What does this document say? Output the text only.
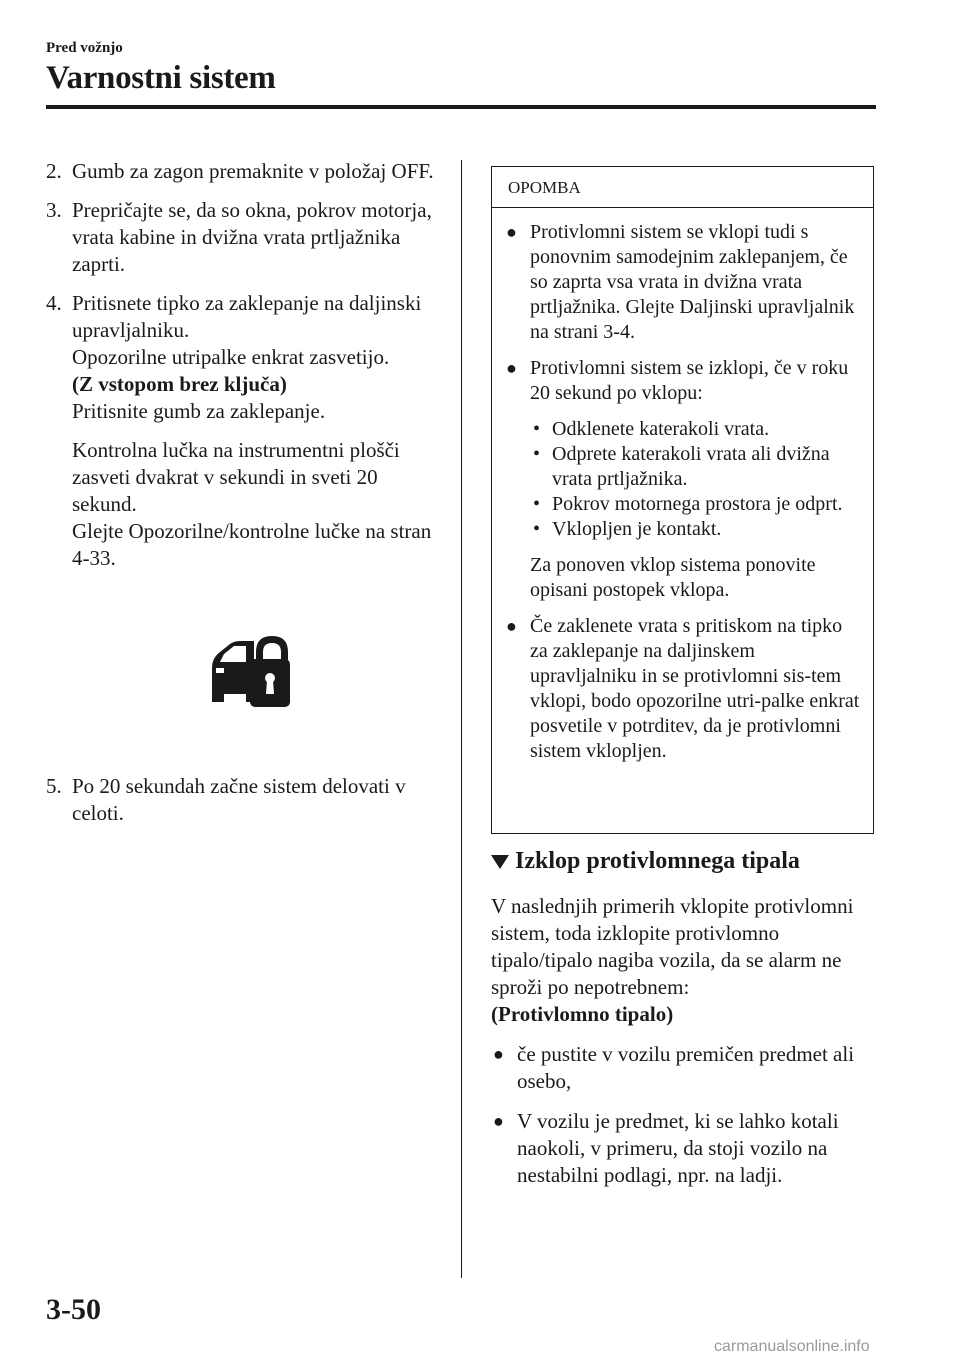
Pred vožnjo
Varnostni sistem
2. Gumb za zagon premaknite v položaj OFF.

3. Prepričajte se, da so okna, pokrov motorja, vrata kabine in dvižna vrata prtljažnika zaprti.

4. Pritisnete tipko za zaklepanje na daljinski upravljalniku.

Opozorilne utripalke enkrat zasvetijo.

(Z vstopom brez ključa)

Pritisnite gumb za zaklepanje.

Kontrolna lučka na instrumentni plošči zasveti dvakrat v sekundi in sveti 20 sekund.

Glejte Opozorilne/kontrolne lučke na stran 4-33.

5. Po 20 sekundah začne sistem delovati v celoti.
OPOMBA
● Protivlomni sistem se vklopi tudi s ponovnim samodejnim zaklepanjem, če so zaprta vsa vrata in dvižna vrata prtljažnika. Glejte Daljinski upravljalnik na strani 3-4.

● Protivlomni sistem se izklopi, če v roku 20 sekund po vklopu:

• Odklenete katerakoli vrata.
• Odprete katerakoli vrata ali dvižna vrata prtljažnika.
• Pokrov motornega prostora je odprt.
• Vklopljen je kontakt.

Za ponoven vklop sistema ponovite opisani postopek vklopa.

● Če zaklenete vrata s pritiskom na tipko za zaklepanje na daljinskem upravljalniku in se protivlomni sis-tem vklopi, bodo opozorilne utri-palke enkrat posvetile v potrditev, da je protivlomni sistem vklopljen.

Izklop protivlomnega tipala

V naslednjih primerih vklopite protivlomni sistem, toda izklopite protivlomno tipalo/tipalo nagiba vozila, da se alarm ne sproži po nepotrebnem:

(Protivlomno tipalo)

● če pustite v vozilu premičen predmet ali osebo,

● V vozilu je predmet, ki se lahko kotali naokoli, v primeru, da stoji vozilo na nestabilni podlagi, npr. na ladji.

3-50
carmanualsonline.info
